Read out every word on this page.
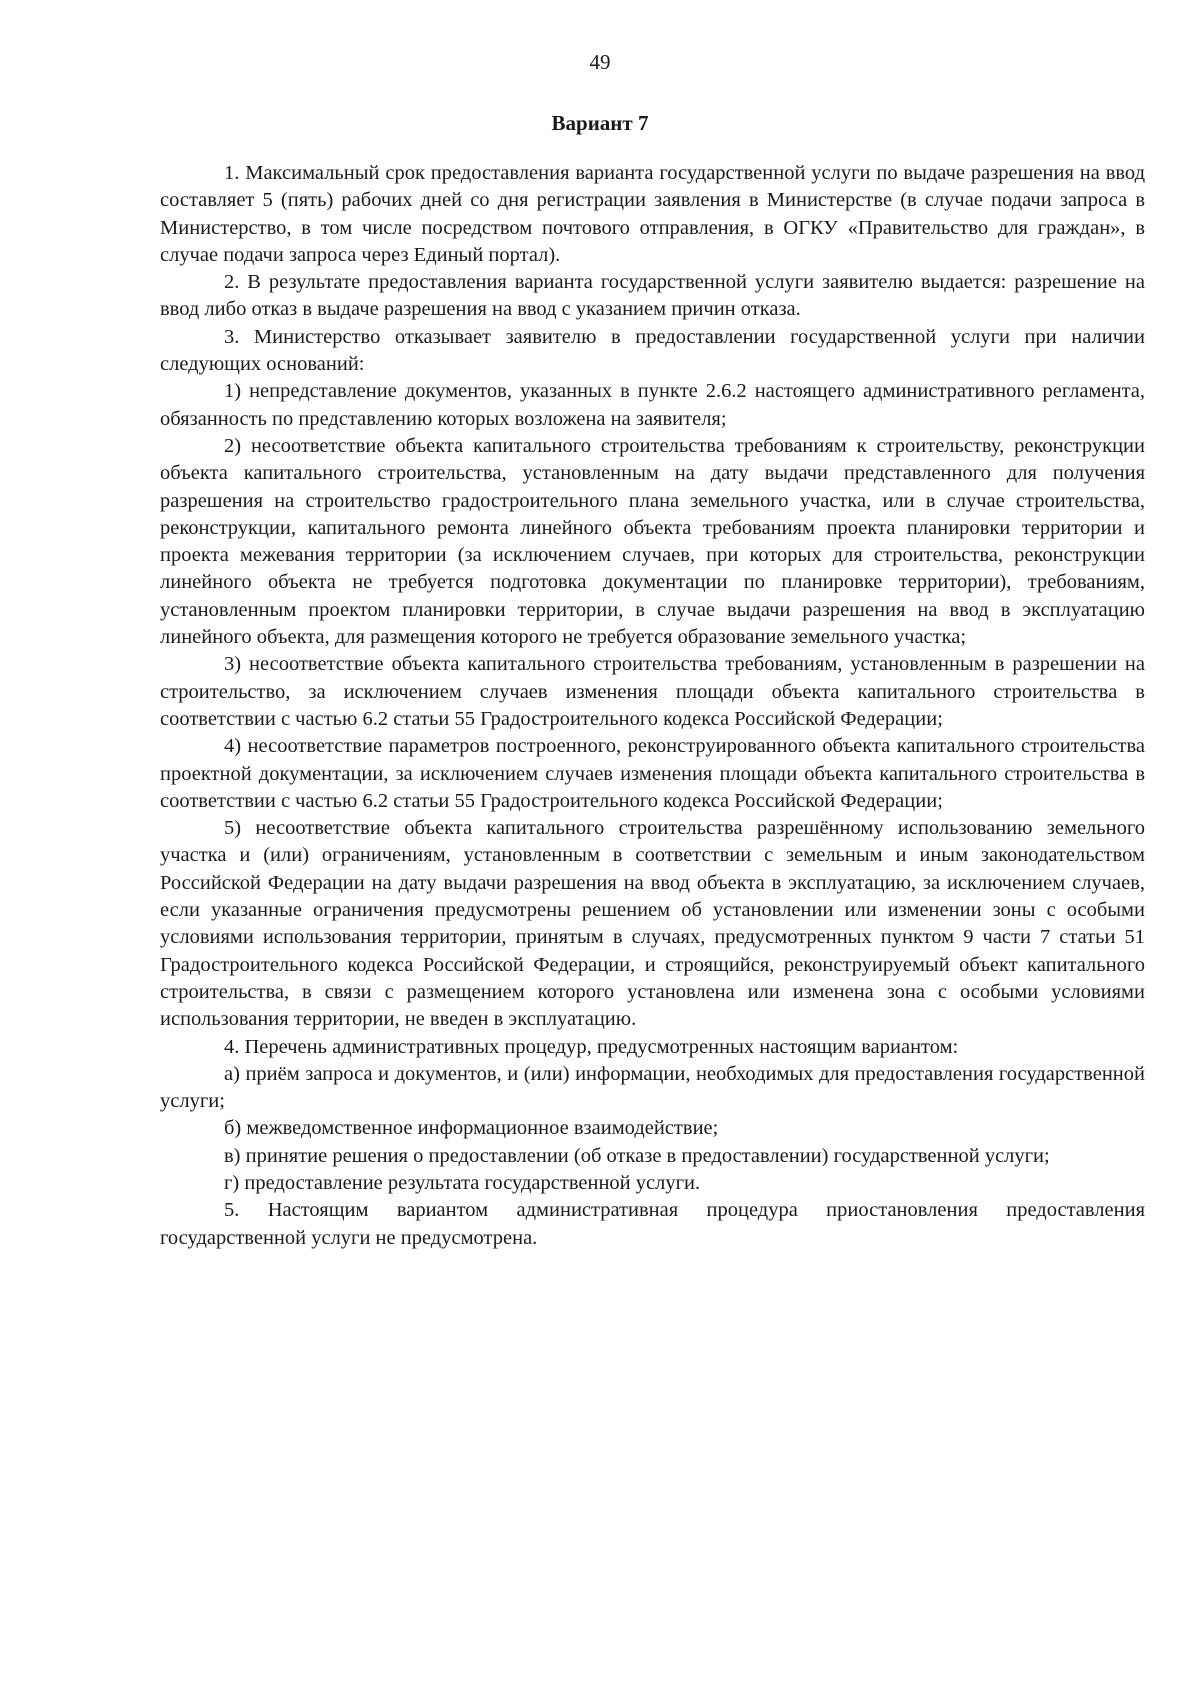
49
Вариант 7

1. Максимальный срок предоставления варианта государственной услуги по выдаче разрешения на ввод составляет 5 (пять) рабочих дней со дня регистрации заявления в Министерстве (в случае подачи запроса в Министерство, в том числе посредством почтового отправления, в ОГКУ «Правительство для граждан», в случае подачи запроса через Единый портал).

2. В результате предоставления варианта государственной услуги заявителю выдается: разрешение на ввод либо отказ в выдаче разрешения на ввод с указанием причин отказа.

3. Министерство отказывает заявителю в предоставлении государственной услуги при наличии следующих оснований:

1) непредставление документов, указанных в пункте 2.6.2 настоящего административного регламента, обязанность по представлению которых возложена на заявителя;

2) несоответствие объекта капитального строительства требованиям к строительству, реконструкции объекта капитального строительства, установленным на дату выдачи представленного для получения разрешения на строительство градостроительного плана земельного участка, или в случае строительства, реконструкции, капитального ремонта линейного объекта требованиям проекта планировки территории и проекта межевания территории (за исключением случаев, при которых для строительства, реконструкции линейного объекта не требуется подготовка документации по планировке территории), требованиям, установленным проектом планировки территории, в случае выдачи разрешения на ввод в эксплуатацию линейного объекта, для размещения которого не требуется образование земельного участка;

3) несоответствие объекта капитального строительства требованиям, установленным в разрешении на строительство, за исключением случаев изменения площади объекта капитального строительства в соответствии с частью 6.2 статьи 55 Градостроительного кодекса Российской Федерации;

4) несоответствие параметров построенного, реконструированного объекта капитального строительства проектной документации, за исключением случаев изменения площади объекта капитального строительства в соответствии с частью 6.2 статьи 55 Градостроительного кодекса Российской Федерации;

5) несоответствие объекта капитального строительства разрешённому использованию земельного участка и (или) ограничениям, установленным в соответствии с земельным и иным законодательством Российской Федерации на дату выдачи разрешения на ввод объекта в эксплуатацию, за исключением случаев, если указанные ограничения предусмотрены решением об установлении или изменении зоны с особыми условиями использования территории, принятым в случаях, предусмотренных пунктом 9 части 7 статьи 51 Градостроительного кодекса Российской Федерации, и строящийся, реконструируемый объект капитального строительства, в связи с размещением которого установлена или изменена зона с особыми условиями использования территории, не введен в эксплуатацию.

4. Перечень административных процедур, предусмотренных настоящим вариантом:

а) приём запроса и документов, и (или) информации, необходимых для предоставления государственной услуги;

б) межведомственное информационное взаимодействие;

в) принятие решения о предоставлении (об отказе в предоставлении) государственной услуги;

г) предоставление результата государственной услуги.

5. Настоящим вариантом административная процедура приостановления предоставления государственной услуги не предусмотрена.
